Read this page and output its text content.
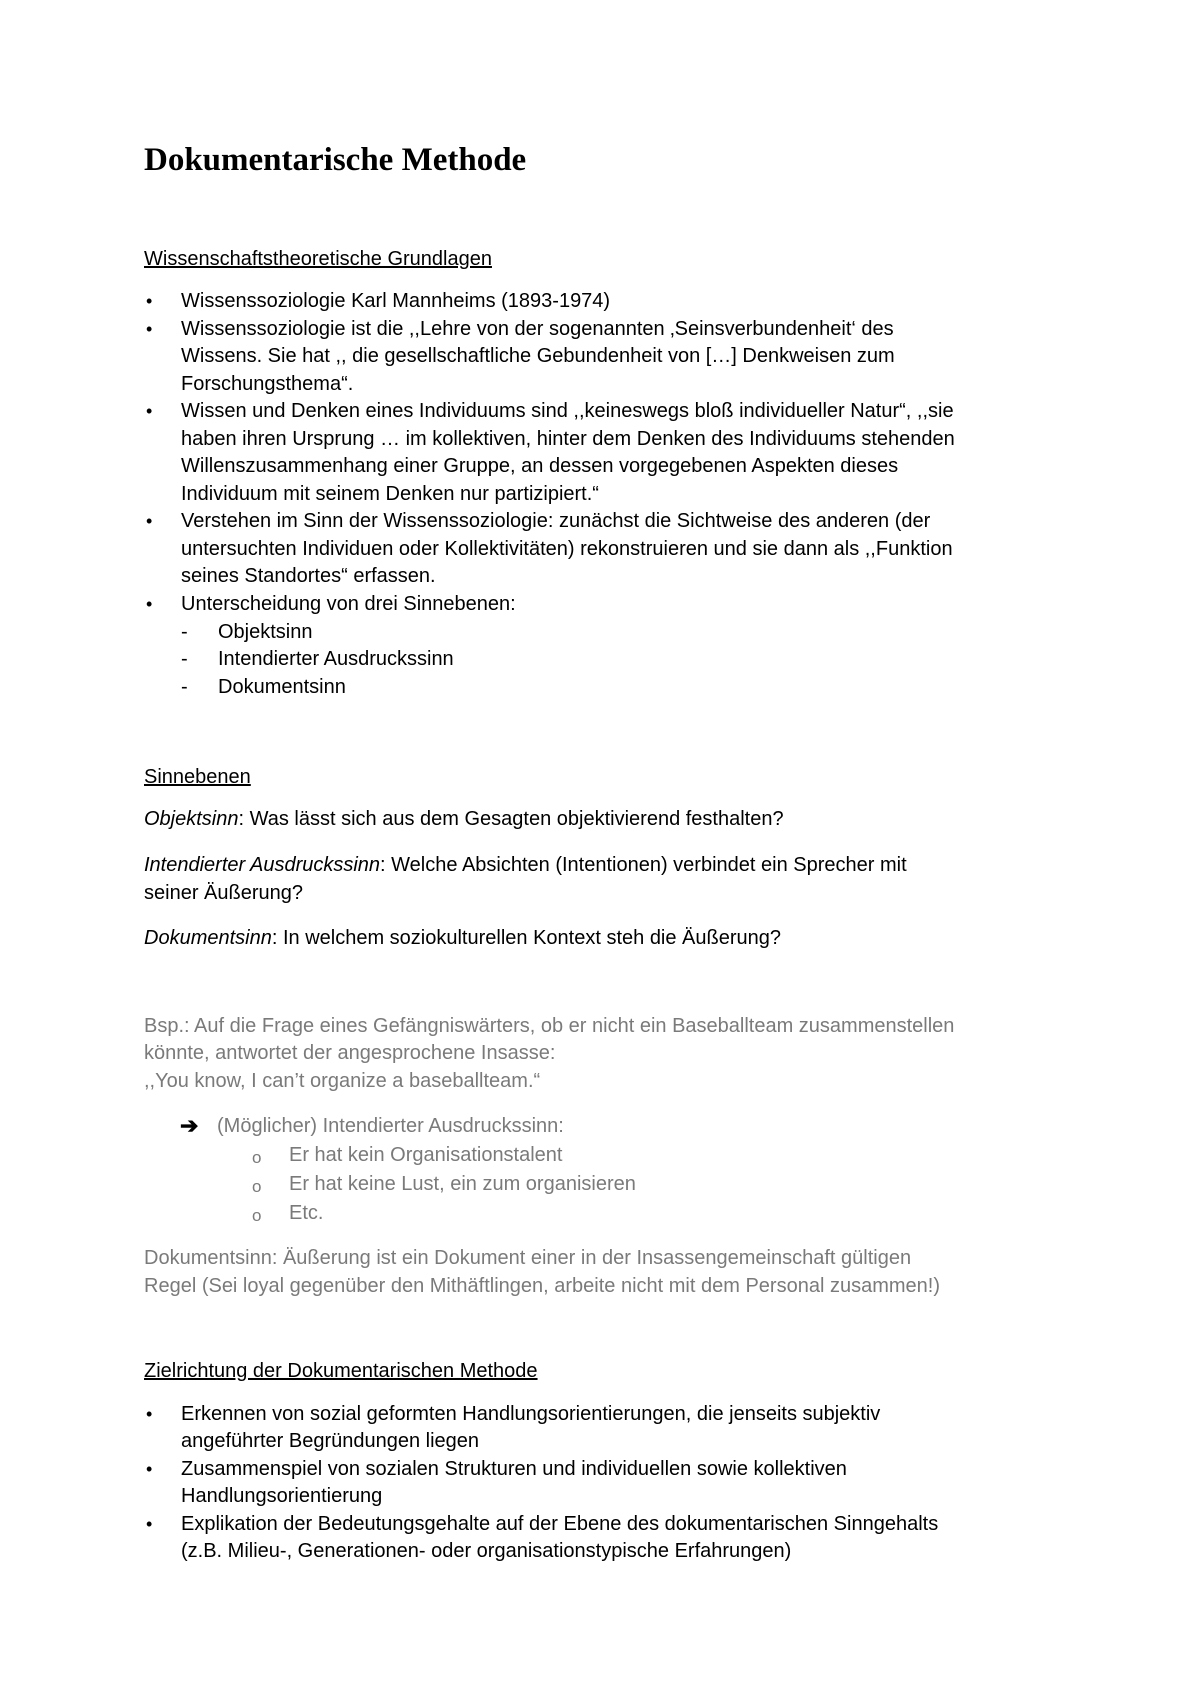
Dokumentarische Methode
Wissenschaftstheoretische Grundlagen
• Wissenssoziologie Karl Mannheims (1893-1974)
• Wissenssoziologie ist die ,,Lehre von der sogenannten ‚Seinsverbundenheit‘ des
Wissens. Sie hat ,, die gesellschaftliche Gebundenheit von […] Denkweisen zum
Forschungsthema“.
• Wissen und Denken eines Individuums sind ,,keineswegs bloß individueller Natur“, ,,sie
haben ihren Ursprung … im kollektiven, hinter dem Denken des Individuums stehenden
Willenszusammenhang einer Gruppe, an dessen vorgegebenen Aspekten dieses
Individuum mit seinem Denken nur partizipiert.“
• Verstehen im Sinn der Wissenssoziologie: zunächst die Sichtweise des anderen (der
untersuchten Individuen oder Kollektivitäten) rekonstruieren und sie dann als ,,Funktion
seines Standortes“ erfassen.
• Unterscheidung von drei Sinnebenen:
- Objektsinn
- Intendierter Ausdruckssinn
- Dokumentsinn
Sinnebenen
Objektsinn: Was lässt sich aus dem Gesagten objektivierend festhalten?
Intendierter Ausdruckssinn: Welche Absichten (Intentionen) verbindet ein Sprecher mit
seiner Äußerung?
Dokumentsinn: In welchem soziokulturellen Kontext steh die Äußerung?
Bsp.: Auf die Frage eines Gefängniswärters, ob er nicht ein Baseballteam zusammenstellen
könnte, antwortet der angesprochene Insasse:
,,You know, I can’t organize a baseballteam.“
➔ (Möglicher) Intendierter Ausdruckssinn:
o Er hat kein Organisationstalent
o Er hat keine Lust, ein zum organisieren
o Etc.
Dokumentsinn: Äußerung ist ein Dokument einer in der Insassengemeinschaft gültigen
Regel (Sei loyal gegenüber den Mithäftlingen, arbeite nicht mit dem Personal zusammen!)
Zielrichtung der Dokumentarischen Methode
• Erkennen von sozial geformten Handlungsorientierungen, die jenseits subjektiv
angeführter Begründungen liegen
• Zusammenspiel von sozialen Strukturen und individuellen sowie kollektiven
Handlungsorientierung
• Explikation der Bedeutungsgehalte auf der Ebene des dokumentarischen Sinngehalts
(z.B. Milieu-, Generationen- oder organisationstypische Erfahrungen)
